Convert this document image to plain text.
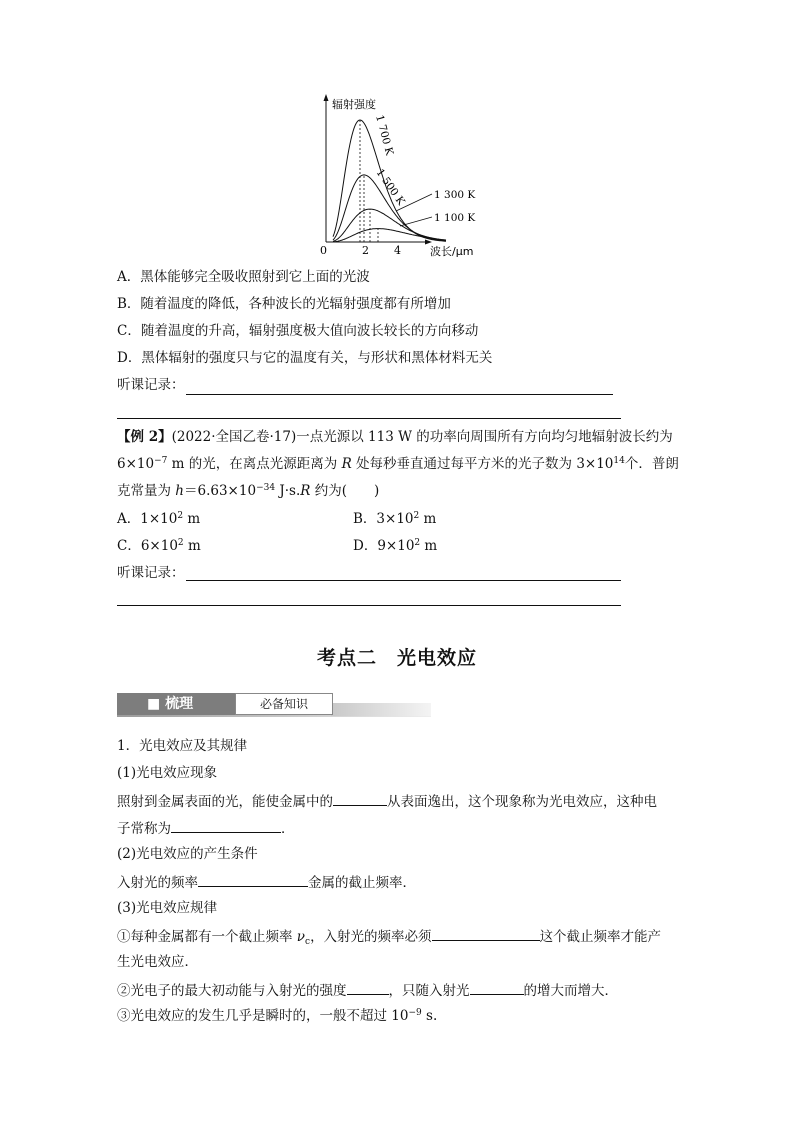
辐射强度
波长/μm
0	2 4
1 700 K
1 500 K	1 300 K
1 100 K
A．黑体能够完全吸收照射到它上面的光波
B．随着温度的降低，各种波长的光辐射强度都有所增加
C．随着温度的升高，辐射强度极大值向波长较长的方向移动
D．黑体辐射的强度只与它的温度有关，与形状和黑体材料无关
听课记录：
【例 2】(2022·全国乙卷·17)一点光源以 113 W 的功率向周围所有方向均匀地辐射波长约为
$6\times 10^{-7}$ m 的光，在离点光源距离为 R 处每秒垂直通过每平方米的光子数为 $3\times 10^{14}$个．普朗
克常量为 $h=6.63\times 10^{-34}$ J·s.R 约为(　　)
A．$1\times 10^2$ m	B．$3\times 10^2$ m
C．$6\times 10^2$ m	D．$9\times 10^2$ m
听课记录：
考点二　光电效应
■ 梳理	必备知识
1．光电效应及其规律
(1)光电效应现象
照射到金属表面的光，能使金属中的	从表面逸出，这个现象称为光电效应，这种电
子常称为	．
(2)光电效应的产生条件
入射光的频率	金属的截止频率．
(3)光电效应规律
①每种金属都有一个截止频率 $\nu_c$，入射光的频率必须	这个截止频率才能产
生光电效应．
②光电子的最大初动能与入射光的强度	，只随入射光	的增大而增大．
③光电效应的发生几乎是瞬时的，一般不超过 $10^{-9}$ s.
